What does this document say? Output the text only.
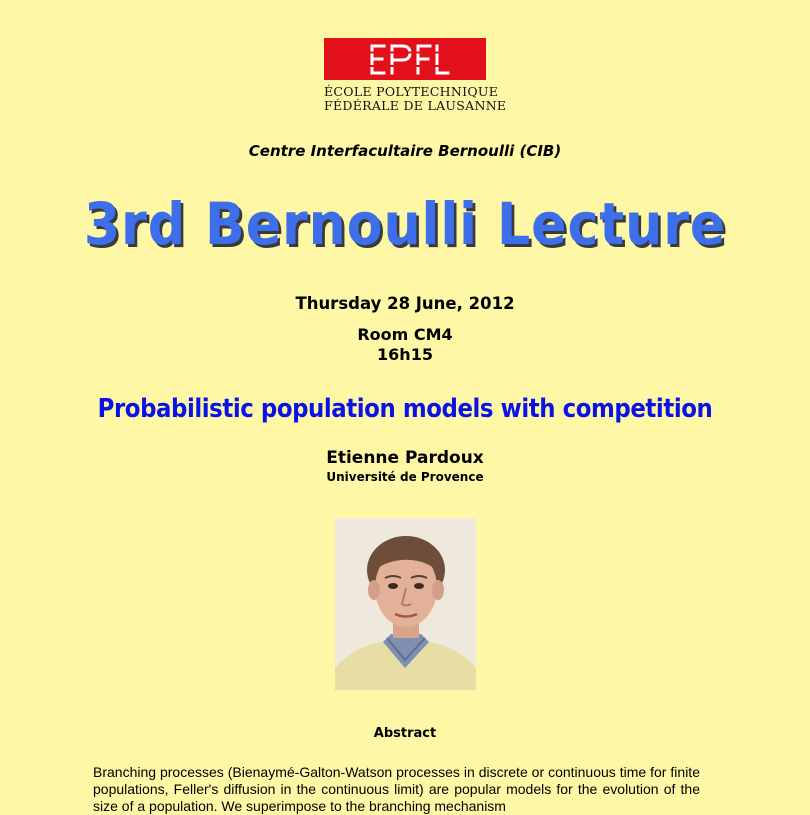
ÉCOLE POLYTECHNIQUE
FÉDÉRALE DE LAUSANNE
Centre Interfacultaire Bernoulli (CIB)
3rd Bernoulli Lecture
Thursday 28 June, 2012
Room CM4
16h15
Probabilistic population models with competition
Etienne Pardoux
Université de Provence
Abstract
Branching processes (Bienaymé-Galton-Watson processes in discrete or continuous time for finite populations, Feller's diffusion in the continuous limit) are popular models for the evolution of the size of a population. We superimpose to the branching mechanism
